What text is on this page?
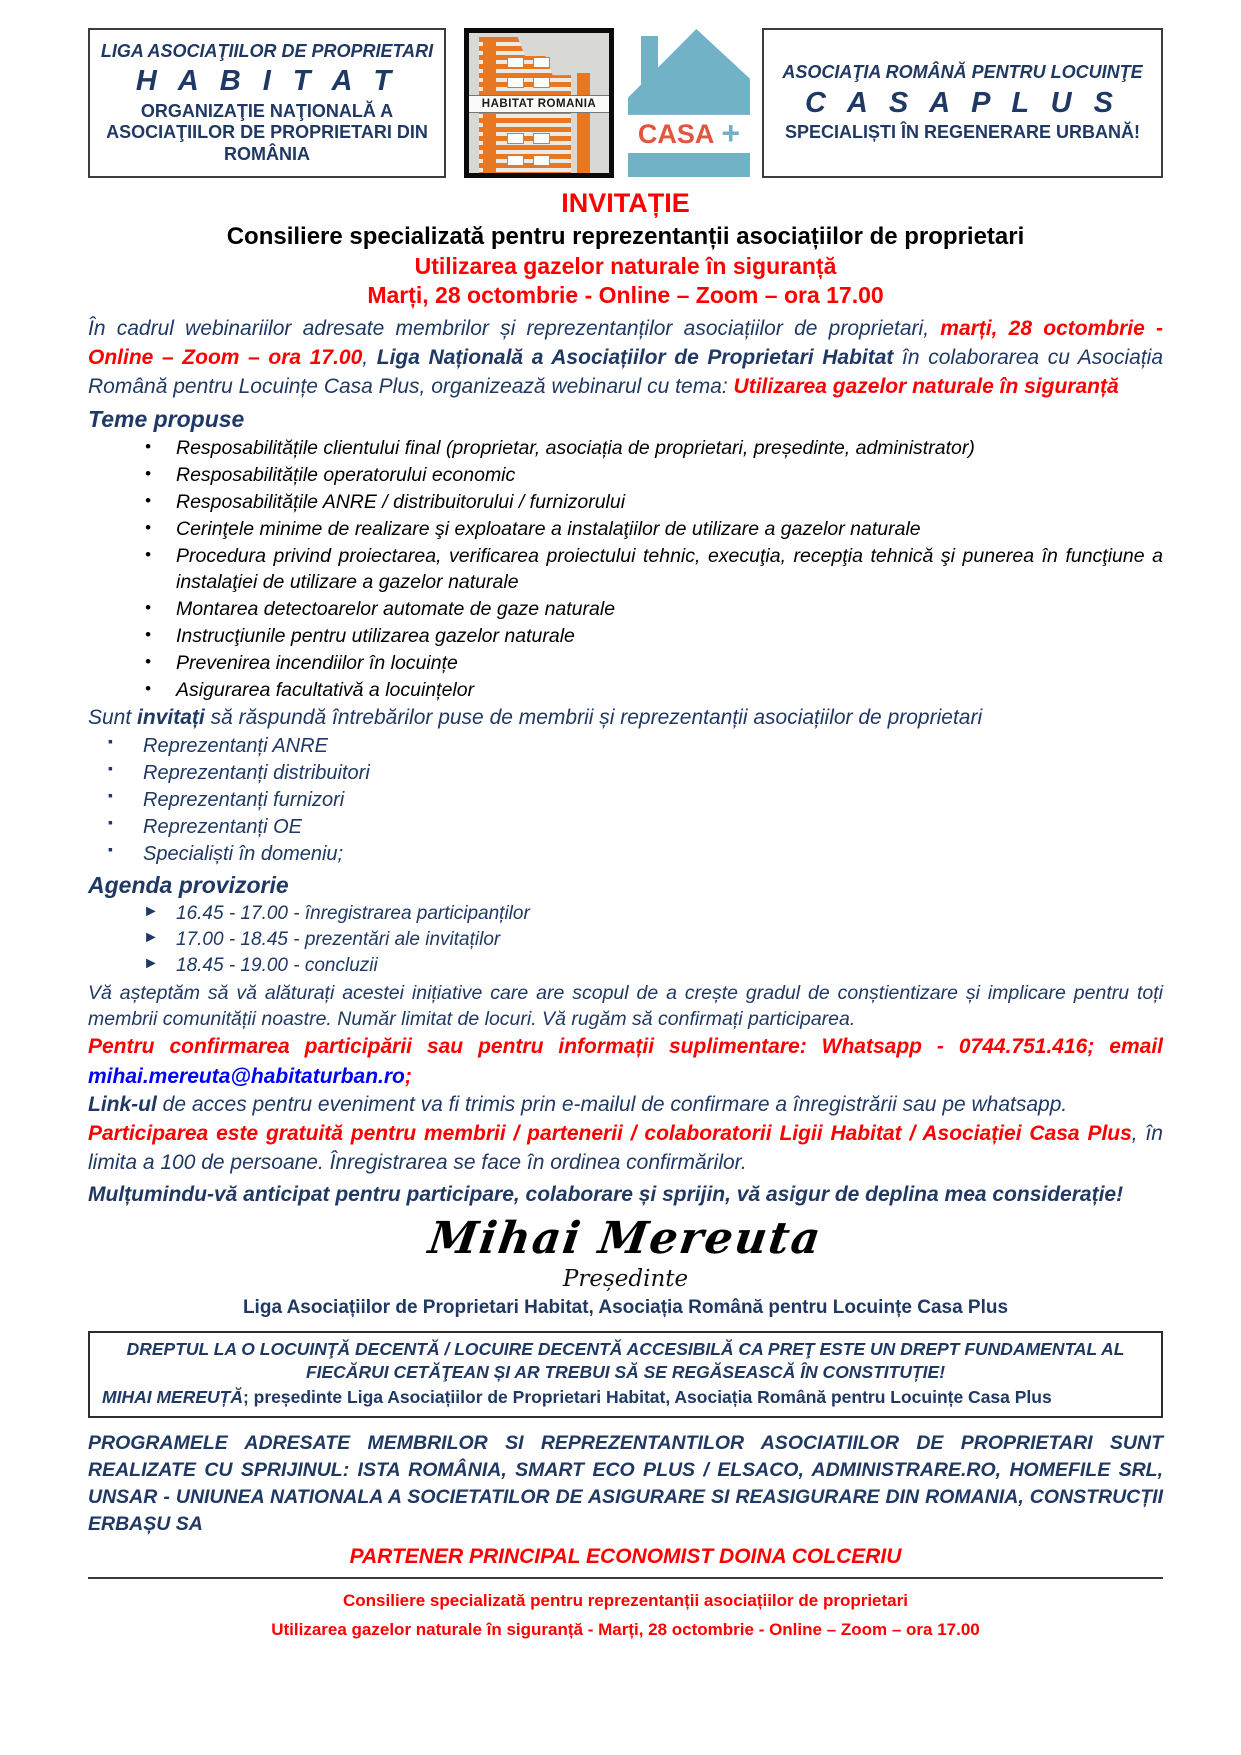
LIGA ASOCIAŢIILOR DE PROPRIETARI
H A B I T A T
ORGANIZAŢIE NAŢIONALĂ A ASOCIAŢIILOR DE PROPRIETARI DIN ROMÂNIA
HABITAT ROMANIA
CASA +
ASOCIAŢIA ROMÂNĂ PENTRU LOCUINŢE
C A S A P L U S
SPECIALIȘTI ÎN REGENERARE URBANĂ!
INVITAȚIE
Consiliere specializată pentru reprezentanții asociațiilor de proprietari
Utilizarea gazelor naturale în siguranță
Marți, 28 octombrie - Online – Zoom – ora 17.00

În cadrul webinariilor adresate membrilor și reprezentanților asociațiilor de proprietari, marți, 28 octombrie - Online – Zoom – ora 17.00, Liga Națională a Asociațiilor de Proprietari Habitat în colaborarea cu Asociația Română pentru Locuințe Casa Plus, organizează webinarul cu tema: Utilizarea gazelor naturale în siguranță

Teme propuse
• Resposabilitățile clientului final (proprietar, asociația de proprietari, președinte, administrator)
• Resposabilitățile operatorului economic
• Resposabilitățile ANRE / distribuitorului / furnizorului
• Cerinţele minime de realizare şi exploatare a instalaţiilor de utilizare a gazelor naturale
• Procedura privind proiectarea, verificarea proiectului tehnic, execuţia, recepţia tehnică şi punerea în funcţiune a instalaţiei de utilizare a gazelor naturale
• Montarea detectoarelor automate de gaze naturale
• Instrucţiunile pentru utilizarea gazelor naturale
• Prevenirea incendiilor în locuințe
• Asigurarea facultativă a locuințelor

Sunt invitați să răspundă întrebărilor puse de membrii și reprezentanții asociațiilor de proprietari

▪ Reprezentanți ANRE
▪ Reprezentanți distribuitori
▪ Reprezentanți furnizori
▪ Reprezentanți OE
▪ Specialiști în domeniu;
Agenda provizorie
► 16.45 - 17.00 - înregistrarea participanților
► 17.00 - 18.45 - prezentări ale invitaților
► 18.45 - 19.00 - concluzii

Vă așteptăm să vă alăturați acestei inițiative care are scopul de a crește gradul de conștientizare și implicare pentru toți membrii comunității noastre. Număr limitat de locuri. Vă rugăm să confirmați participarea.

Pentru confirmarea participării sau pentru informații suplimentare: Whatsapp - 0744.751.416; email mihai.mereuta@habitaturban.ro;

Link-ul de acces pentru eveniment va fi trimis prin e-mailul de confirmare a înregistrării sau pe whatsapp.

Participarea este gratuită pentru membrii / partenerii / colaboratorii Ligii Habitat / Asociației Casa Plus, în limita a 100 de persoane. Înregistrarea se face în ordinea confirmărilor.

Mulțumindu-vă anticipat pentru participare, colaborare și sprijin, vă asigur de deplina mea considerație!

Mihai Mereuta
Președinte
Liga Asociațiilor de Proprietari Habitat, Asociația Română pentru Locuințe Casa Plus
DREPTUL LA O LOCUINŢĂ DECENTĂ / LOCUIRE DECENTĂ ACCESIBILĂ CA PREŢ ESTE UN DREPT FUNDAMENTAL AL FIECĂRUI CETĂŢEAN ȘI AR TREBUI SĂ SE REGĂSEASCĂ ÎN CONSTITUȚIE!
MIHAI MEREUȚĂ; președinte Liga Asociațiilor de Proprietari Habitat, Asociația Română pentru Locuințe Casa Plus

PROGRAMELE ADRESATE MEMBRILOR SI REPREZENTANTILOR ASOCIATIILOR DE PROPRIETARI SUNT REALIZATE CU SPRIJINUL: ISTA ROMÂNIA, SMART ECO PLUS / ELSACO, ADMINISTRARE.RO, HOMEFILE SRL, UNSAR - UNIUNEA NATIONALA A SOCIETATILOR DE ASIGURARE SI REASIGURARE DIN ROMANIA, CONSTRUCȚII ERBAȘU SA

PARTENER PRINCIPAL ECONOMIST DOINA COLCERIU

Consiliere specializată pentru reprezentanții asociațiilor de proprietari
Utilizarea gazelor naturale în siguranță - Marți, 28 octombrie - Online – Zoom – ora 17.00
